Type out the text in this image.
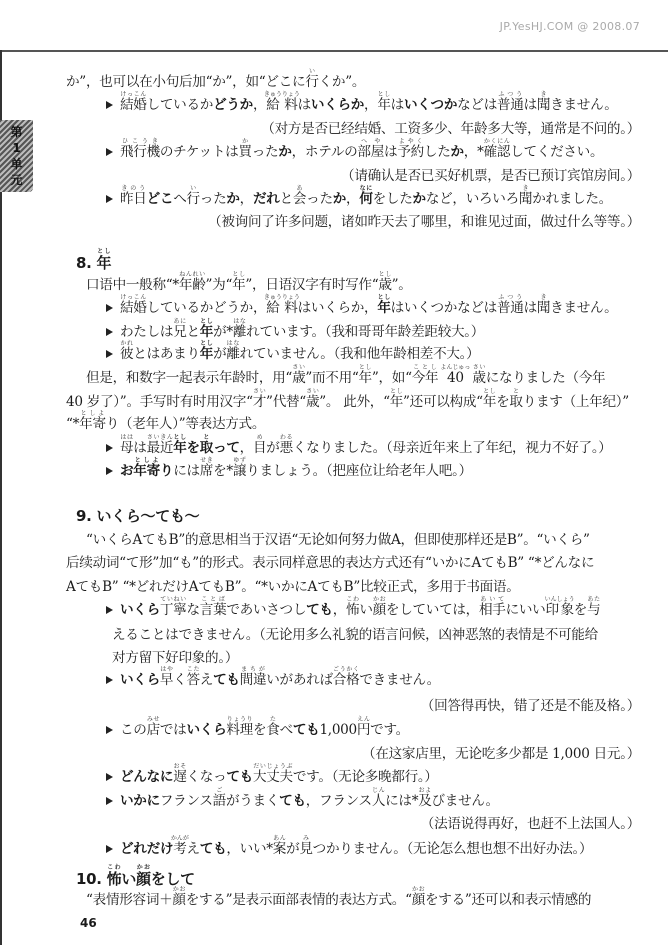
JP.YesHJ.COM @ 2008.07
第
1
单
元
か”，也可以在小句后加“か”，如“どこに行いくか”。
結婚けっこんしているかどうか，給料きゅうりょうはいくらか，年としはいくつかなどは普通ふつうは聞ききません。
（对方是否已经结婚、工资多少、年龄多大等，通常是不问的。）
飛行機ひこうきのチケットは買かったか，ホテルの部屋へやは予約よやくしたか，*確認かくにんしてください。
（请确认是否已买好机票，是否已预订宾馆房间。）
昨日きのうどこへ行いったか，だれと会あったか，何なにをしたかなど，いろいろ聞きかれました。
（被询问了许多问题，诸如昨天去了哪里，和谁见过面，做过什么等等。）
8. 年とし
口语中一般称“*年齢ねんれい”为“年とし”，日语汉字有时写作“歳とし”。
結婚けっこんしているかどうか，給料きゅうりょうはいくらか，年としはいくつかなどは普通ふつうは聞ききません。
わたしは兄あにと年としが*離はなれています。（我和哥哥年龄差距较大。）
彼かれとはあまり年としが離はなれていません。（我和他年龄相差不大。）
但是，和数字一起表示年龄时，用“歳さい”而不用“年とし”，如“今年ことし 40よんじゅっ 歳さいになりました（今年
40 岁了）”。手写时有时用汉字“才さい”代替“歳さい”。 此外，“年とし”还可以构成“年としを取とります（上年纪）”
“*年寄としより（老年人）”等表达方式。
母ははは最近さいきん年としを取とって，目めが悪わるくなりました。（母亲近年来上了年纪，视力不好了。）
お年寄としよりには席せきを*譲ゆずりましょう。（把座位让给老年人吧。）
9. いくら～ても～
“いくらAてもB”的意思相当于汉语“无论如何努力做A，但即使那样还是B”。“いくら”
后续动词“て形”加“も”的形式。表示同样意思的表达方式还有“いかにAてもB” “*どんなに
AてもB” “*どれだけAてもB”。“*いかにAてもB”比较正式，多用于书面语。
いくら丁寧ていねいな言葉ことばであいさつしても，怖こわい顔かおをしていては，相手あいてにいい印象いんしょうを与あた
えることはできません。（无论用多么礼貌的语言问候，凶神恶煞的表情是不可能给
对方留下好印象的。）
いくら早はやく答こたえても間違まちがいがあれば合格ごうかくできません。
（回答得再快，错了还是不能及格。）
この店みせではいくら料理りょうりを食たべても1,000円えんです。
（在这家店里，无论吃多少都是 1,000 日元。）
どんなに遅おそくなっても大丈夫だいじょうぶです。（无论多晚都行。）
いかにフランス語ごがうまくても，フランス人じんには*及およびません。
（法语说得再好，也赶不上法国人。）
どれだけ考かんがえても，いい*案あんが見みつかりません。（无论怎么想也想不出好办法。）
10. 怖こわい顔かおをして
“表情形容词＋顔かおをする”是表示面部表情的表达方式。“顔かおをする”还可以和表示情感的
46
